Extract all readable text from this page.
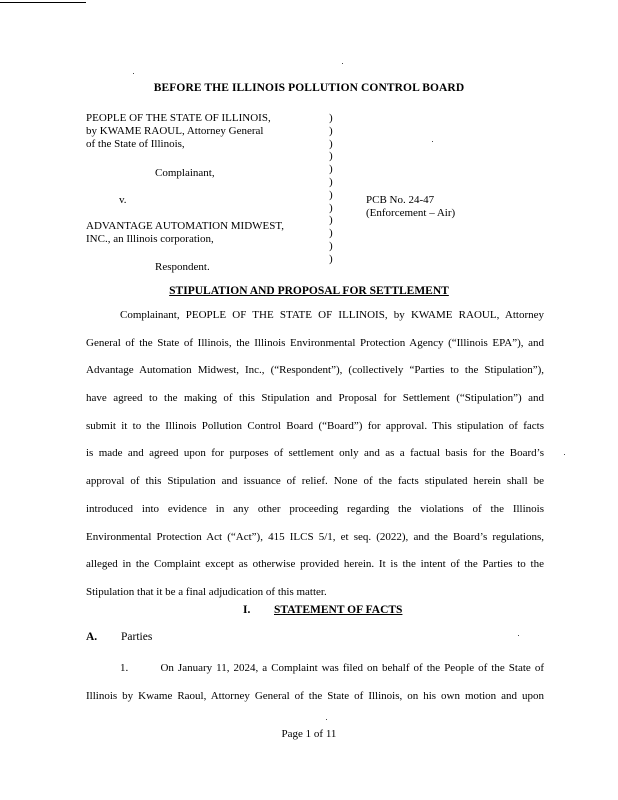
BEFORE THE ILLINOIS POLLUTION CONTROL BOARD
PEOPLE OF THE STATE OF ILLINOIS,
by KWAME RAOUL, Attorney General
of the State of Illinois,
Complainant,
v.
ADVANTAGE AUTOMATION MIDWEST,
INC., an Illinois corporation,
Respondent.
)
)
)
)
)
)
)
)
)
)
)
)
PCB No. 24-47
(Enforcement – Air)
STIPULATION AND PROPOSAL FOR SETTLEMENT
Complainant, PEOPLE OF THE STATE OF ILLINOIS, by KWAME RAOUL, Attorney
General of the State of Illinois, the Illinois Environmental Protection Agency (“Illinois EPA”), and
Advantage Automation Midwest, Inc., (“Respondent”), (collectively “Parties to the Stipulation”),
have agreed to the making of this Stipulation and Proposal for Settlement (“Stipulation”) and
submit it to the Illinois Pollution Control Board (“Board”) for approval. This stipulation of facts
is made and agreed upon for purposes of settlement only and as a factual basis for the Board’s
approval of this Stipulation and issuance of relief. None of the facts stipulated herein shall be
introduced into evidence in any other proceeding regarding the violations of the Illinois
Environmental Protection Act (“Act”), 415 ILCS 5/1, et seq. (2022), and the Board’s regulations,
alleged in the Complaint except as otherwise provided herein. It is the intent of the Parties to the
Stipulation that it be a final adjudication of this matter.
I. STATEMENT OF FACTS
A. Parties
1.        On January 11, 2024, a Complaint was filed on behalf of the People of the State of
Illinois by Kwame Raoul, Attorney General of the State of Illinois, on his own motion and upon
Page 1 of 11
